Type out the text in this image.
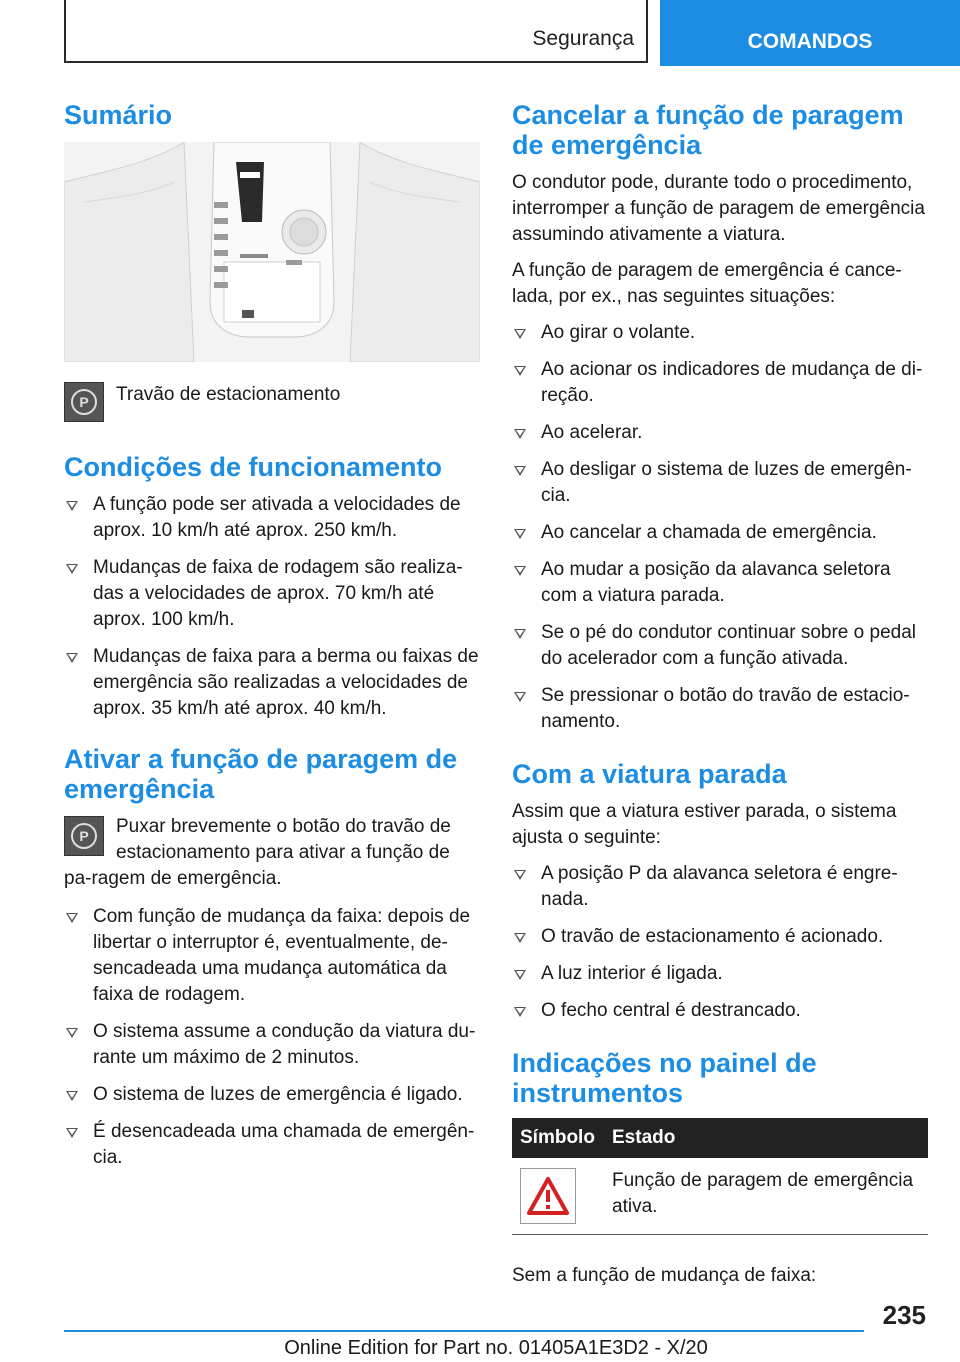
Segurança	COMANDOS
Sumário
P	Travão de estacionamento
Condições de funcionamento
A função pode ser ativada a velocidades de aprox. 10 km/h até aprox. 250 km/h.
Mudanças de faixa de rodagem são realiza-das a velocidades de aprox. 70 km/h até aprox. 100 km/h.
Mudanças de faixa para a berma ou faixas de emergência são realizadas a velocidades de aprox. 35 km/h até aprox. 40 km/h.
Ativar a função de paragem de emergência
P	Puxar brevemente o botão do travão de estacionamento para ativar a função de pa-ragem de emergência.
Com função de mudança da faixa: depois de libertar o interruptor é, eventualmente, de-sencadeada uma mudança automática da faixa de rodagem.
O sistema assume a condução da viatura du-rante um máximo de 2 minutos.
O sistema de luzes de emergência é ligado.
É desencadeada uma chamada de emergên-cia.
Cancelar a função de paragem de emergência

O condutor pode, durante todo o procedimento, interromper a função de paragem de emergência assumindo ativamente a viatura.

A função de paragem de emergência é cance-lada, por ex., nas seguintes situações:

Ao girar o volante.
Ao acionar os indicadores de mudança de di-reção.
Ao acelerar.
Ao desligar o sistema de luzes de emergên-cia.
Ao cancelar a chamada de emergência.
Ao mudar a posição da alavanca seletora com a viatura parada.
Se o pé do condutor continuar sobre o pedal do acelerador com a função ativada.
Se pressionar o botão do travão de estacio-namento.
Com a viatura parada

Assim que a viatura estiver parada, o sistema ajusta o seguinte:

A posição P da alavanca seletora é engre-nada.
O travão de estacionamento é acionado.
A luz interior é ligada.
O fecho central é destrancado.
Indicações no painel de instrumentos
Símbolo	Estado

	Função de paragem de emergência ativa.

Sem a função de mudança de faixa:

235
Online Edition for Part no. 01405A1E3D2 - X/20
